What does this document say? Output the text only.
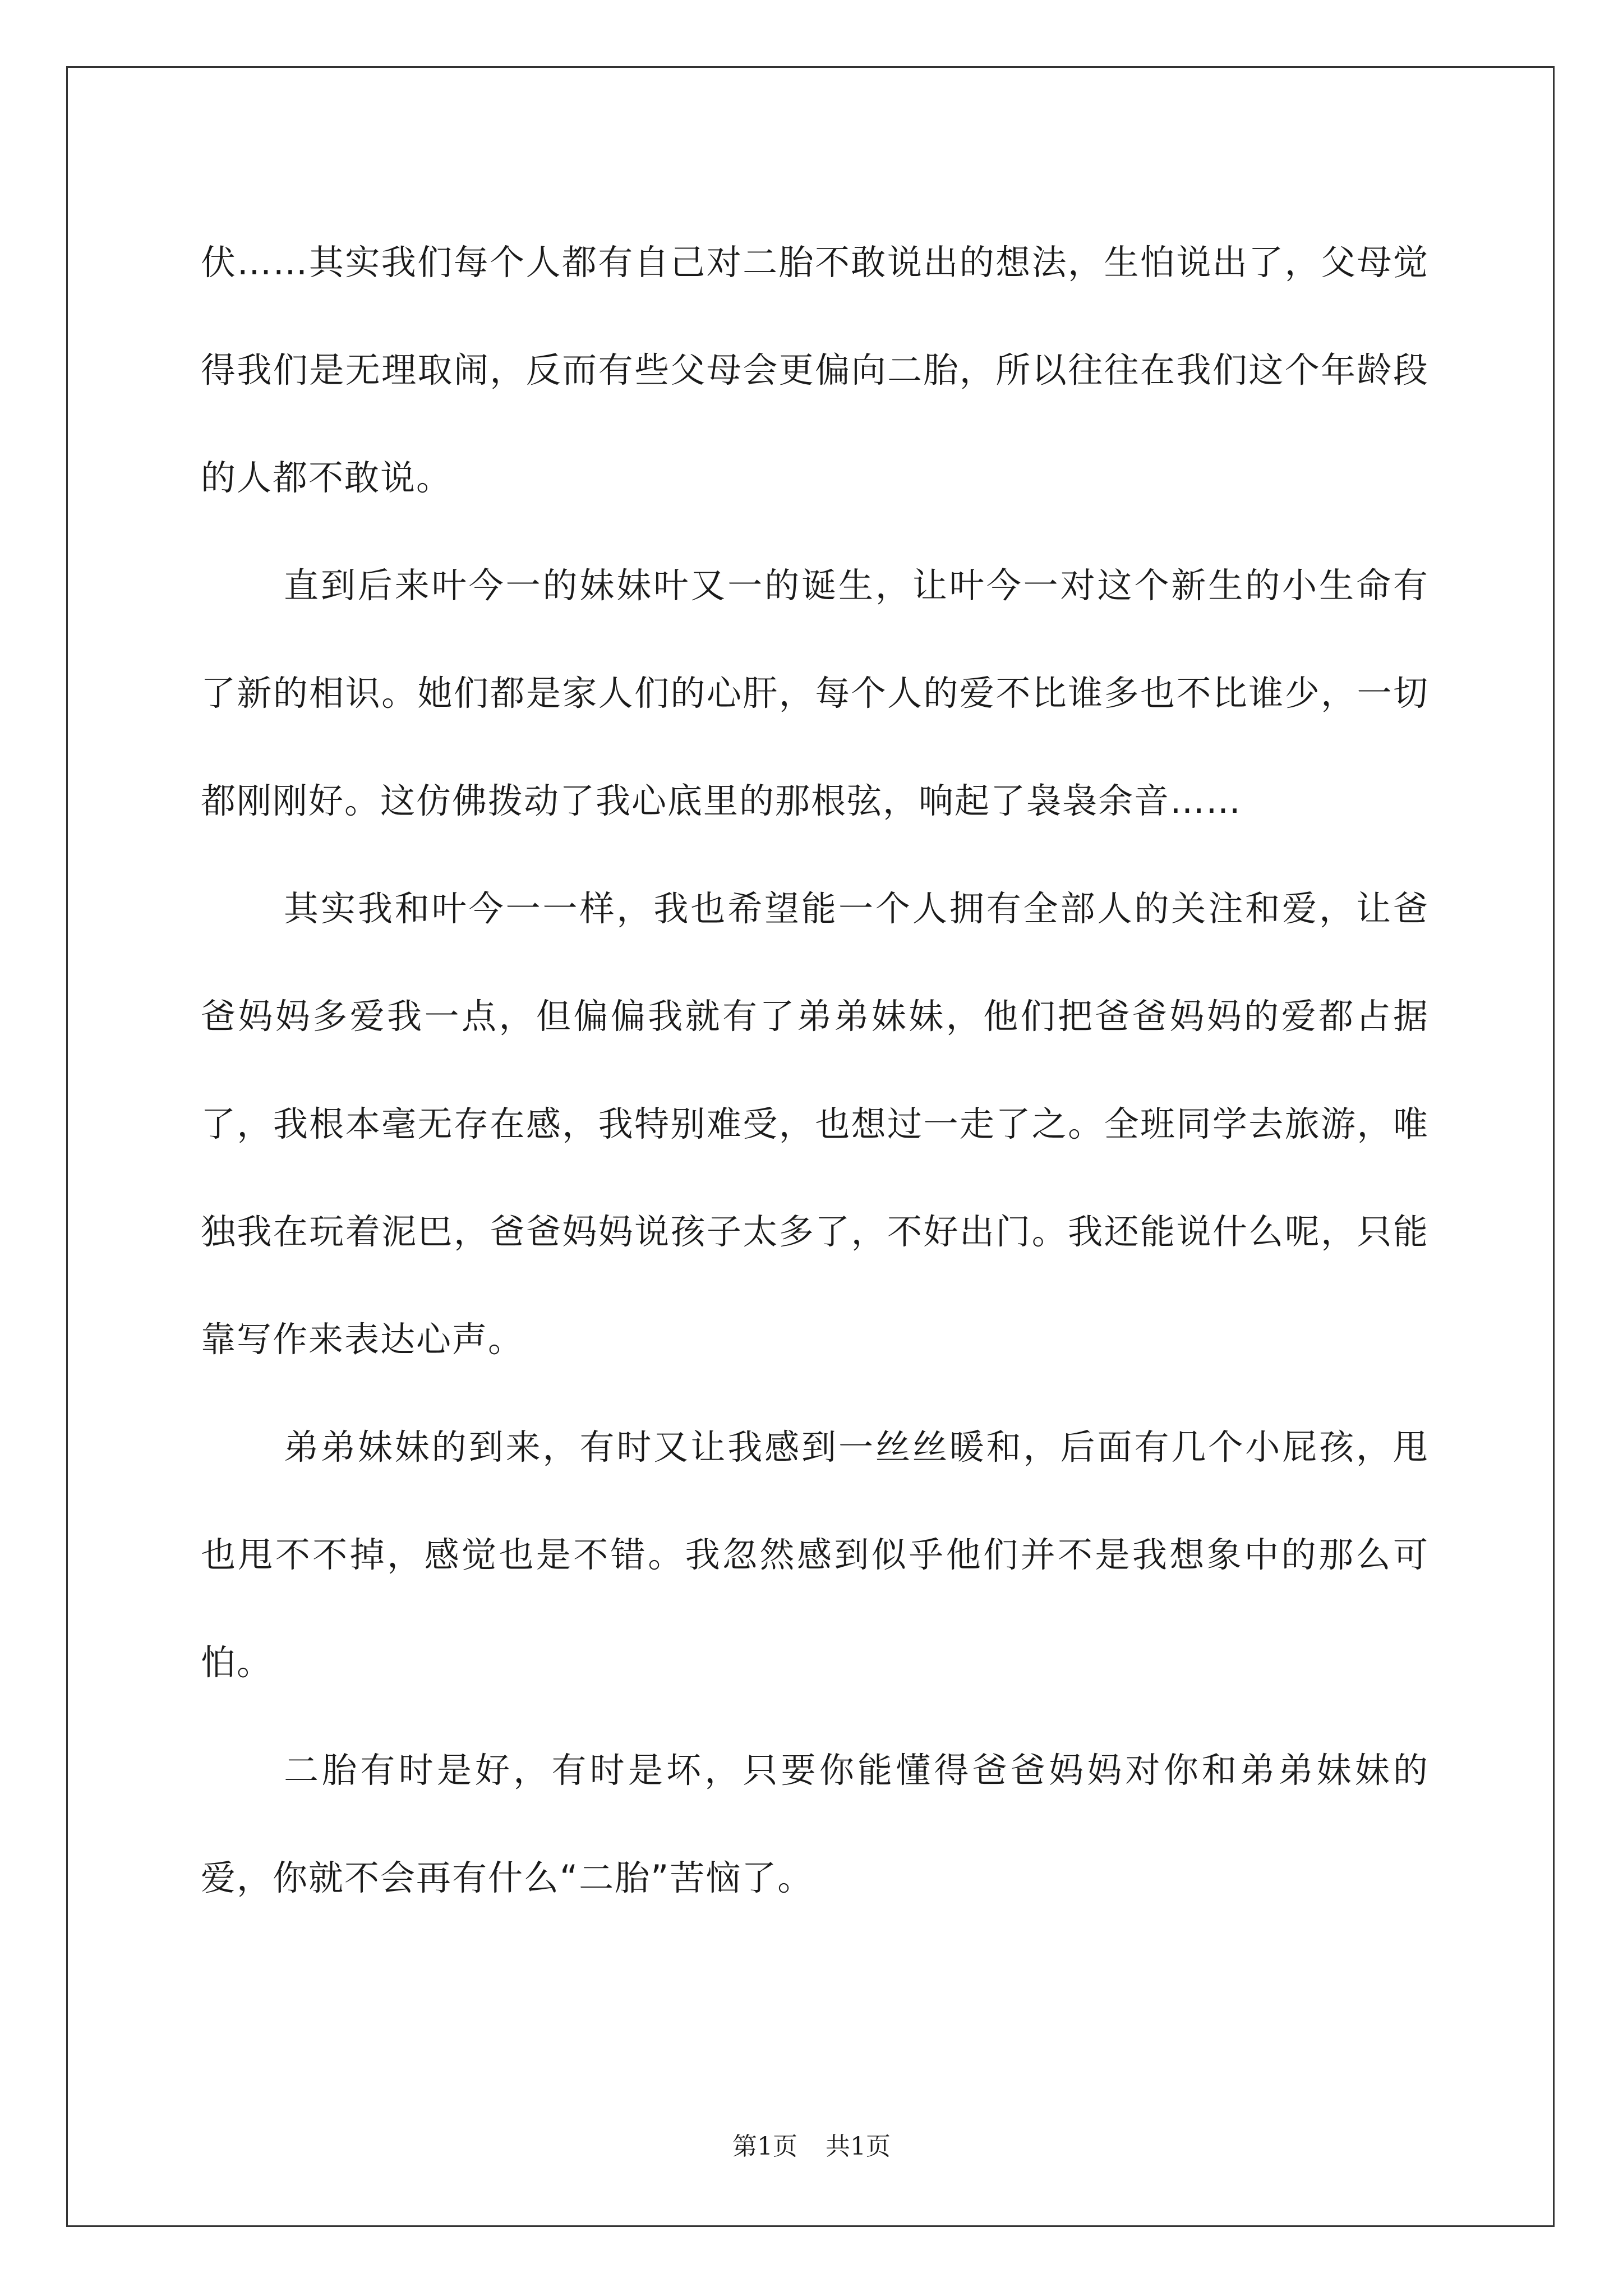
伏……其实我们每个人都有自己对二胎不敢说出的想法，生怕说出了，父母觉得我们是无理取闹，反而有些父母会更偏向二胎，所以往往在我们这个年龄段的人都不敢说。

直到后来叶今一的妹妹叶又一的诞生，让叶今一对这个新生的小生命有了新的相识。她们都是家人们的心肝，每个人的爱不比谁多也不比谁少，一切都刚刚好。这仿佛拨动了我心底里的那根弦，响起了袅袅余音……

其实我和叶今一一样，我也希望能一个人拥有全部人的关注和爱，让爸爸妈妈多爱我一点，但偏偏我就有了弟弟妹妹，他们把爸爸妈妈的爱都占据了，我根本毫无存在感，我特别难受，也想过一走了之。全班同学去旅游，唯独我在玩着泥巴，爸爸妈妈说孩子太多了，不好出门。我还能说什么呢，只能靠写作来表达心声。

弟弟妹妹的到来，有时又让我感到一丝丝暖和，后面有几个小屁孩，甩也甩不不掉，感觉也是不错。我忽然感到似乎他们并不是我想象中的那么可怕。

二胎有时是好，有时是坏，只要你能懂得爸爸妈妈对你和弟弟妹妹的爱，你就不会再有什么“二胎”苦恼了。

第1页 共1页
